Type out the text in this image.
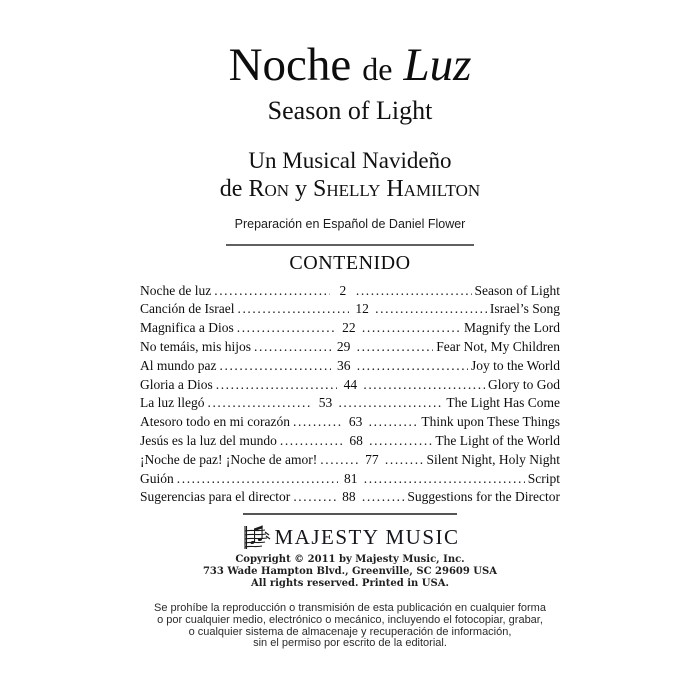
Noche de Luz
Season of Light
Un Musical Navideño
de Ron y Shelly Hamilton
Preparación en Español de Daniel Flower
CONTENIDO
Noche de luz .....	2 .....	Season of Light
Canción de Israel .....	12 .....	Israel’s Song
Magnifica a Dios .....	22 .....	Magnify the Lord
No temáis, mis hijos .....	29 .....	Fear Not, My Children
Al mundo paz .....	36 .....	Joy to the World
Gloria a Dios .....	44 .....	Glory to God
La luz llegó .....	53 .....	The Light Has Come
Atesoro todo en mi corazón .....	63 .....	Think upon These Things
Jesús es la luz del mundo .....	68 .....	The Light of the World
¡Noche de paz! ¡Noche de amor! .....	77 .....	Silent Night, Holy Night
Guión .....	81 .....	Script
Sugerencias para el director .....	88 .....	Suggestions for the Director
MAJESTY MUSIC
Copyright © 2011 by Majesty Music, Inc.
733 Wade Hampton Blvd., Greenville, SC 29609 USA
All rights reserved. Printed in USA.
Se prohíbe la reproducción o transmisión de esta publicación en cualquier forma
o por cualquier medio, electrónico o mecánico, incluyendo el fotocopiar, grabar,
o cualquier sistema de almacenaje y recuperación de información,
sin el permiso por escrito de la editorial.
